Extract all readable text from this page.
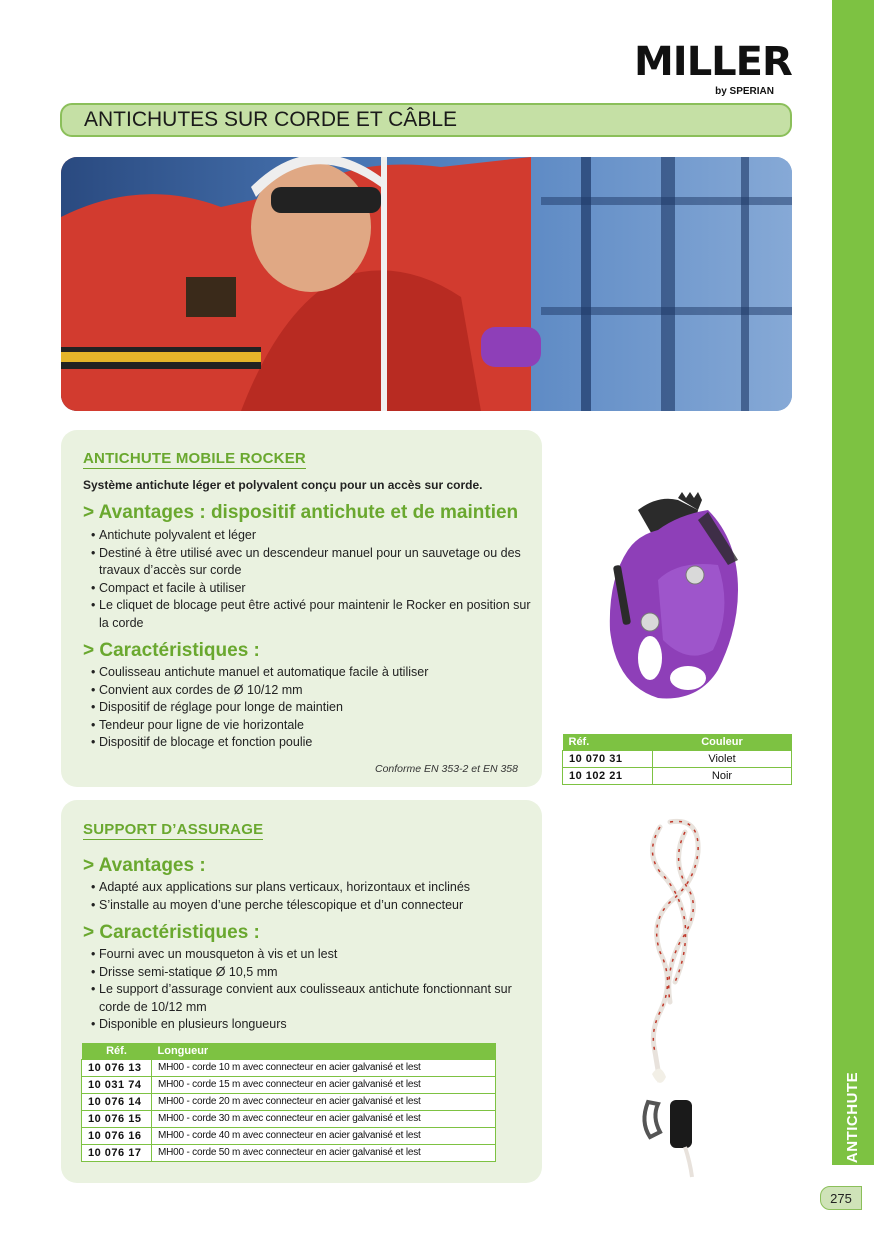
ANTICHUTE
275
MILLER
by SPERIAN
ANTICHUTES SUR CORDE ET CÂBLE
ANTICHUTE MOBILE ROCKER
Système antichute léger et polyvalent conçu pour un accès sur corde.
> Avantages : dispositif antichute et de maintien
• Antichute polyvalent et léger
• Destiné à être utilisé avec un descendeur manuel pour un sauvetage ou des travaux d’accès sur corde
• Compact et facile à utiliser
• Le cliquet de blocage peut être activé pour maintenir le Rocker en position sur la corde
> Caractéristiques :
• Coulisseau antichute manuel et automatique facile à utiliser
• Convient aux cordes de Ø 10/12 mm
• Dispositif de réglage pour longe de maintien
• Tendeur pour ligne de vie horizontale
• Dispositif de blocage et fonction poulie
Conforme EN 353-2 et EN 358
Réf.	Couleur
10 070 31	Violet
10 102 21	Noir
SUPPORT D’ASSURAGE
> Avantages :
• Adapté aux applications sur plans verticaux, horizontaux et inclinés
• S’installe au moyen d’une perche télescopique et d’un connecteur
> Caractéristiques :
• Fourni avec un mousqueton à vis et un lest
• Drisse semi-statique Ø 10,5 mm
• Le support d’assurage convient aux coulisseaux antichute fonctionnant sur corde de 10/12 mm
• Disponible en plusieurs longueurs
Réf.	Longueur
10 076 13	MH00 - corde 10 m avec connecteur en acier galvanisé et lest
10 031 74	MH00 - corde 15 m avec connecteur en acier galvanisé et lest
10 076 14	MH00 - corde 20 m avec connecteur en acier galvanisé et lest
10 076 15	MH00 - corde 30 m avec connecteur en acier galvanisé et lest
10 076 16	MH00 - corde 40 m avec connecteur en acier galvanisé et lest
10 076 17	MH00 - corde 50 m avec connecteur en acier galvanisé et lest
